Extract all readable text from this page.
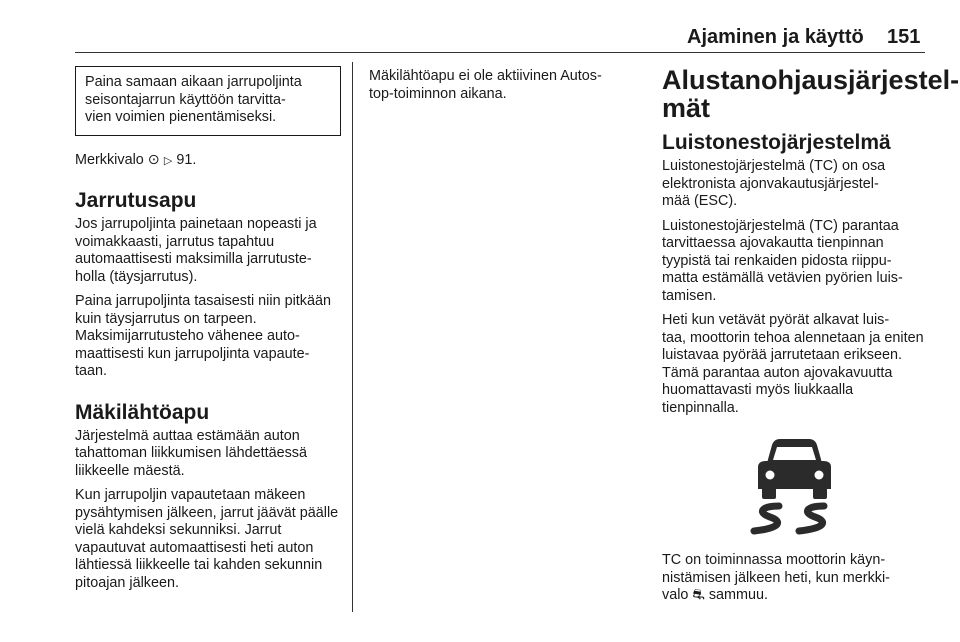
Ajaminen ja käyttö 151

Paina samaan aikaan jarrupoljinta seisontajarrun käyttöön tarvitta-
vien voimien pienentämiseksi.

Merkkivalo ⊙ ▷ 91.

Jarrutusapu

Jos jarrupoljinta painetaan nopeasti ja voimakkaasti, jarrutus tapahtuu automaattisesti maksimilla jarrutuste-
holla (täysjarrutus).

Paina jarrupoljinta tasaisesti niin pitkään kuin täysjarrutus on tarpeen. Maksimijarrutusteho vähenee auto-
maattisesti kun jarrupoljinta vapaute-
taan.

Mäkilähtöapu

Järjestelmä auttaa estämään auton tahattoman liikkumisen lähdettäessä liikkeelle mäestä.

Kun jarrupoljin vapautetaan mäkeen pysähtymisen jälkeen, jarrut jäävät päälle vielä kahdeksi sekunniksi. Jarrut vapautuvat automaattisesti heti auton lähtiessä liikkeelle tai kahden sekunnin pitoajan jälkeen.

Mäkilähtöapu ei ole aktiivinen Autos-
top-toiminnon aikana.	Alustanohjausjärjestel-
mät
Luistonestojärjestelmä

Luistonestojärjestelmä (TC) on osa elektronista ajonvakautusjärjestel-
mää (ESC).

Luistonestojärjestelmä (TC) parantaa tarvittaessa ajovakautta tienpinnan tyypistä tai renkaiden pidosta riippu-
matta estämällä vetävien pyörien luis-
tamisen.

Heti kun vetävät pyörät alkavat luis-
taa, moottorin tehoa alennetaan ja eniten luistavaa pyörää jarrutetaan erikseen. Tämä parantaa auton ajovakavuutta huomattavasti myös liukkaalla tienpinnalla.

TC on toiminnassa moottorin käyn-
nistämisen jälkeen heti, kun merkki-
valo ⛐ sammuu.
